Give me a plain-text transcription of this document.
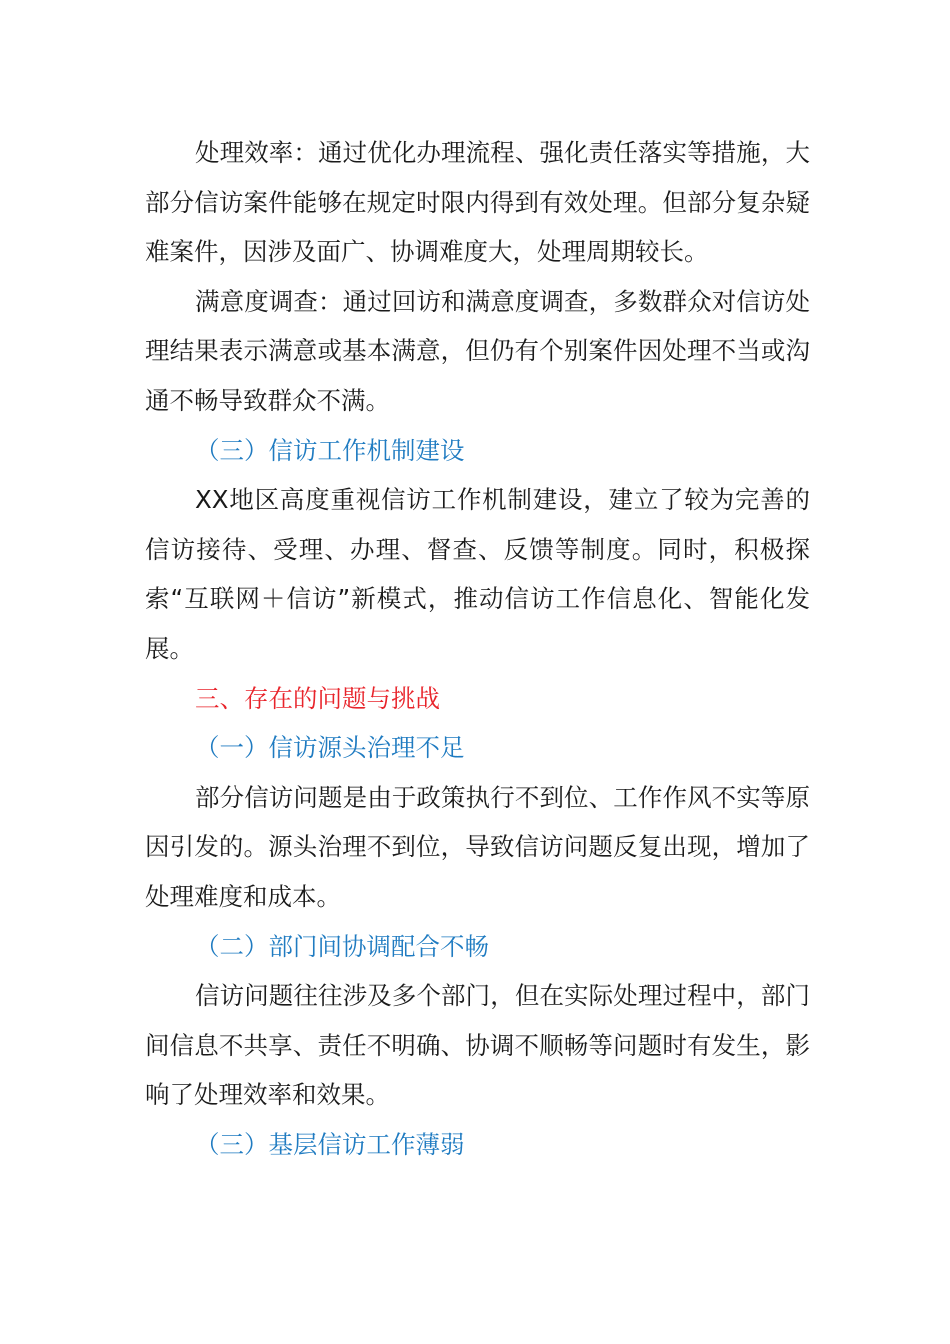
处理效率：通过优化办理流程、强化责任落实等措施，大部分信访案件能够在规定时限内得到有效处理。但部分复杂疑难案件，因涉及面广、协调难度大，处理周期较长。

满意度调查：通过回访和满意度调查，多数群众对信访处理结果表示满意或基本满意，但仍有个别案件因处理不当或沟通不畅导致群众不满。

（三）信访工作机制建设

XX地区高度重视信访工作机制建设，建立了较为完善的信访接待、受理、办理、督查、反馈等制度。同时，积极探索“互联网＋信访”新模式，推动信访工作信息化、智能化发展。

三、存在的问题与挑战

（一）信访源头治理不足

部分信访问题是由于政策执行不到位、工作作风不实等原因引发的。源头治理不到位，导致信访问题反复出现，增加了处理难度和成本。

（二）部门间协调配合不畅

信访问题往往涉及多个部门，但在实际处理过程中，部门间信息不共享、责任不明确、协调不顺畅等问题时有发生，影响了处理效率和效果。

（三）基层信访工作薄弱
